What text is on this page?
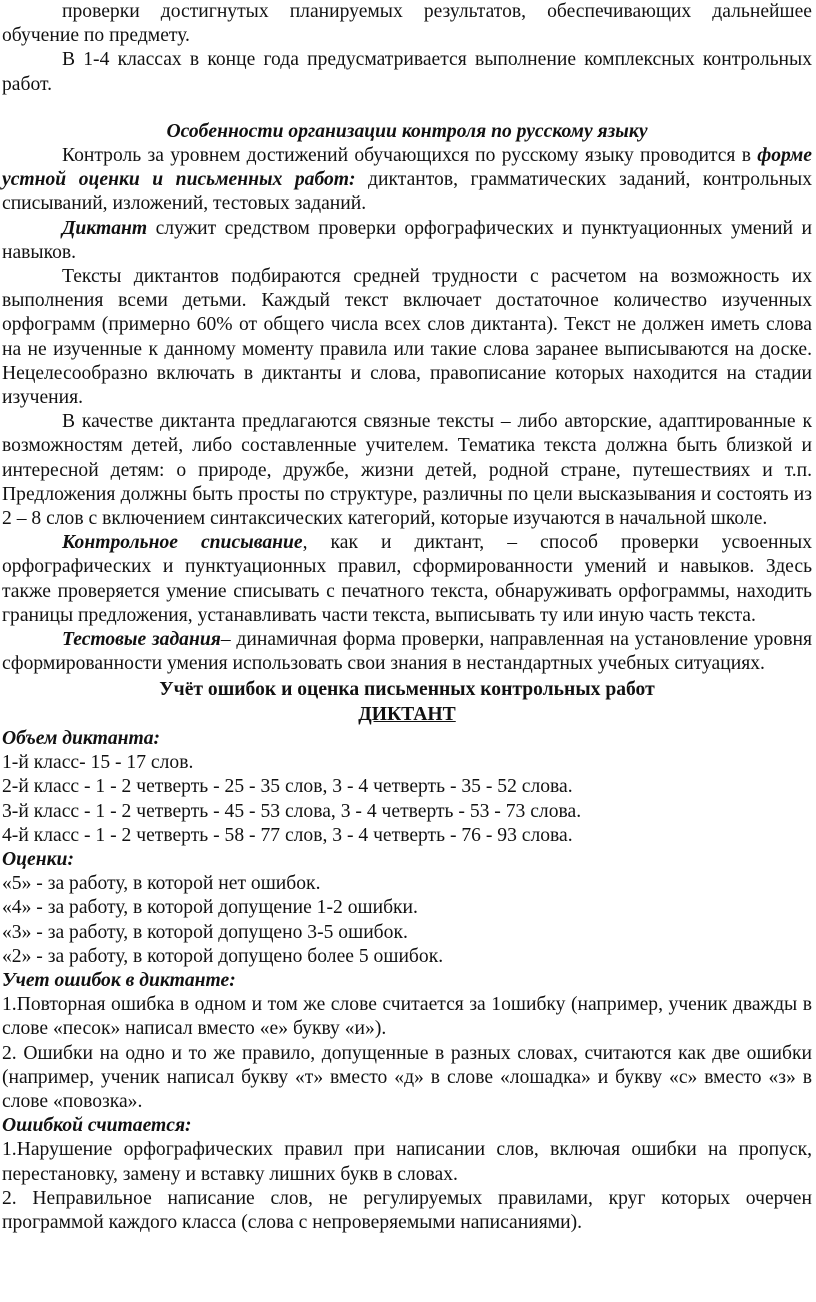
проверки достигнутых планируемых результатов, обеспечивающих дальнейшее обучение по предмету.

В 1-4 классах в конце года предусматривается выполнение комплексных контрольных работ.

Особенности организации контроля по русскому языку

Контроль за уровнем достижений обучающихся по русскому языку проводится в форме устной оценки и письменных работ: диктантов, грамматических заданий, контрольных списываний, изложений, тестовых заданий.

Диктант служит средством проверки орфографических и пунктуационных умений и навыков.

Тексты диктантов подбираются средней трудности с расчетом на возможность их выполнения всеми детьми. Каждый текст включает достаточное количество изученных орфограмм (примерно 60% от общего числа всех слов диктанта). Текст не должен иметь слова на не изученные к данному моменту правила или такие слова заранее выписываются на доске. Нецелесообразно включать в диктанты и слова, правописание которых находится на стадии изучения.

В качестве диктанта предлагаются связные тексты – либо авторские, адаптированные к возможностям детей, либо составленные учителем. Тематика текста должна быть близкой и интересной детям: о природе, дружбе, жизни детей, родной стране, путешествиях и т.п. Предложения должны быть просты по структуре, различны по цели высказывания и состоять из 2 – 8 слов с включением синтаксических категорий, которые изучаются в начальной школе.

Контрольное списывание, как и диктант, – способ проверки усвоенных орфографических и пунктуационных правил, сформированности умений и навыков. Здесь также проверяется умение списывать с печатного текста, обнаруживать орфограммы, находить границы предложения, устанавливать части текста, выписывать ту или иную часть текста.

Тестовые задания– динамичная форма проверки, направленная на установление уровня сформированности умения использовать свои знания в нестандартных учебных ситуациях.

Учёт ошибок и оценка письменных контрольных работ

ДИКТАНТ

Объем диктанта:

1-й класс- 15 - 17 слов.

2-й класс - 1 - 2 четверть - 25 - 35 слов, 3 - 4 четверть - 35 - 52 слова.

3-й класс - 1 - 2 четверть - 45 - 53 слова, 3 - 4 четверть - 53 - 73 слова.

4-й класс - 1 - 2 четверть - 58 - 77 слов, 3 - 4 четверть - 76 - 93 слова.

Оценки:

«5» - за работу, в которой нет ошибок.

«4» - за работу, в которой допущение 1-2 ошибки.

«3» - за работу, в которой допущено 3-5 ошибок.

«2» - за работу, в которой допущено более 5 ошибок.

Учет ошибок в диктанте:

1.Повторная ошибка в одном и том же слове считается за 1ошибку (например, ученик дважды в слове «песок» написал вместо «е» букву «и»).

2. Ошибки на одно и то же правило, допущенные в разных словах, считаются как две ошибки (например, ученик написал букву «т» вместо «д» в слове «лошадка» и букву «с» вместо «з» в слове «повозка».

Ошибкой считается:

1.Нарушение орфографических правил при написании слов, включая ошибки на пропуск, перестановку, замену и вставку лишних букв в словах.

2. Неправильное написание слов, не регулируемых правилами, круг которых очерчен программой каждого класса (слова с непроверяемыми написаниями).
